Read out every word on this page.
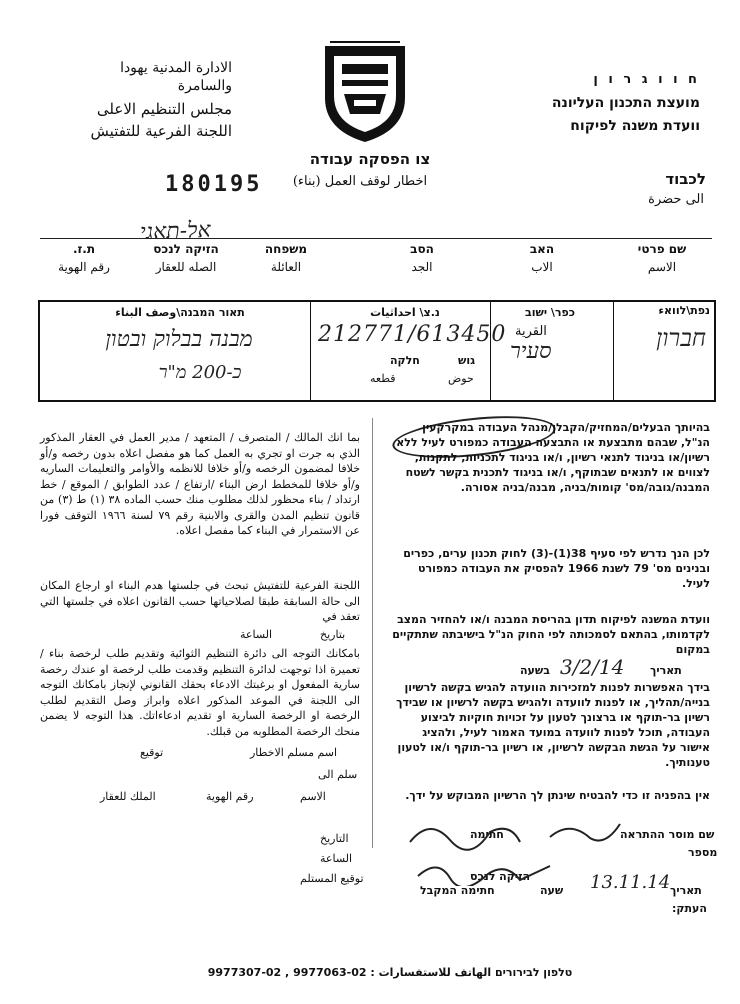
ח ו ו ג ר ו ן
מועצת התכנון העליונה
וועדת משנה לפיקוח
الادارة المدنية يهودا
والسامرة
مجلس التنظيم الاعلى
اللجنة الفرعية للتفتيش
צו הפסקה עבודה
اخطار لوقف العمل (بناء)
180195	לכבוד
الى حضرة
אל-תאגי
שם פרטי
الاسم
האב
الاب
הסב
الجد
משפחה
العائلة
הזיקה לנכס
الصله للعقار
ת.ז.
رقم الهوية
נפת\לוואء
חברון
כפר\ ישוב
القرية
סעיר
נ.צ\ احداثيات
212771/613450
גוש
חלקה
حوض
قطعه
תאור המבנה\وصف البناء
מבנה בבלוק ובטון
כ-200 מ"ר
בהיותך הבעלים/המחזיק/הקבלן/מנהל העבודה במקרקעין הנ"ל, שבהם מתבצעת או התבצעה העבודה כמפורט לעיל ללא רשיון/או בניגוד לתנאי רשיון, ו/או בניגוד לתכניות, לתקנות, לצווים או לתנאים שבתוקף, ו/או בניגוד לתכנית בקשר לשטח המבנה/גובה/מס' קומות/בניה, מבנה/בניה אסורה.
לכן הנך נדרש לפי סעיף 38(1)-(3) לחוק תכנון ערים, כפרים ובנינים מס' 79 לשנת 1966 להפסיק את העבודה כמפורט לעיל.
וועדת המשנה לפיקוח תדון בהריסת המבנה ו/או להחזיר המצב לקדמותו, בהתאם לסמכותה לפי החוק הנ"ל בישיבתה שתתקיים במקום
תאריך
3/2/14
בשעה
בידך האפשרות לפנות למזכירות הוועדה להגיש בקשה לרשיון בנייה/תהליך, או לפנות לוועדה ולהגיש בקשה לרשיון או שבידך רשיון בר-תוקף או ברצונך לטעון על זכויות חוקיות לביצוע העבודה, תוכל לפנות לוועדה במועד האמור לעיל, ולהציג אישור על הגשת הבקשה לרשיון, או רשיון בר-תוקף ו/או לטעון טענותיך.
אין בהפניה זו כדי להבטיח שינתן לך הרשיון המבוקש על ידך.
שם מוסר ההתראה
חתימה
מספר
הזיקה לנכס
תאריך
13.11.14
שעה
חתימה המקבל
העתק:
بما انك المالك / المتصرف / المتعهد / مدير العمل في العقار المذكور الذي به جرت او تجري به العمل كما هو مفصل اعلاه بدون رخصه و/أو خلافا لمضمون الرخصه و/أو خلافا للانظمه والأوامر والتعليمات الساريه و/أو خلافا للمخطط ارض البناء /ارتفاع / عدد الطوابق / الموقع / خط ارتداد / بناء محظور لذلك مطلوب منك حسب الماده ٣٨ (١) ط (٣) من قانون تنظيم المدن والقرى والابنية رقم ٧٩ لسنة ١٩٦٦ التوقف فورا عن الاستمرار في البناء كما مفصل اعلاه.
اللجنة الفرعية للتفتيش تبحث في جلستها هدم البناء او ارجاع المكان الى حالة السابقة طبقا لصلاحياتها حسب القانون اعلاه في جلستها التي تعقد في
بتاريخ
الساعة
بامكانك التوجه الى دائرة التنظيم الثوائية وتقديم طلب لرخصة بناء / تعميرة اذا توجهت لدائرة التنظيم وقدمت طلب لرخصة او عندك رخصة سارية المفعول او برغبتك الادعاء بحقك القانوني لإنجاز بامكانك التوجه الى اللجنة في الموعد المذكور اعلاه وابراز وصل التقديم لطلب الرخصة او الرخصة السارية او تقديم ادعاءاتك. هذا التوجه لا يضمن منحك الرخصة المطلوبه من قبلك.
اسم مسلم الاخطار
توقيع
سلم الى
الاسم
رقم الهوية
الملك للعقار
التاريخ
الساعة
توقيع المستلم
טלפון לבירורים الهاتف للاستفسارات : 02-9977063 , 02-9977307
